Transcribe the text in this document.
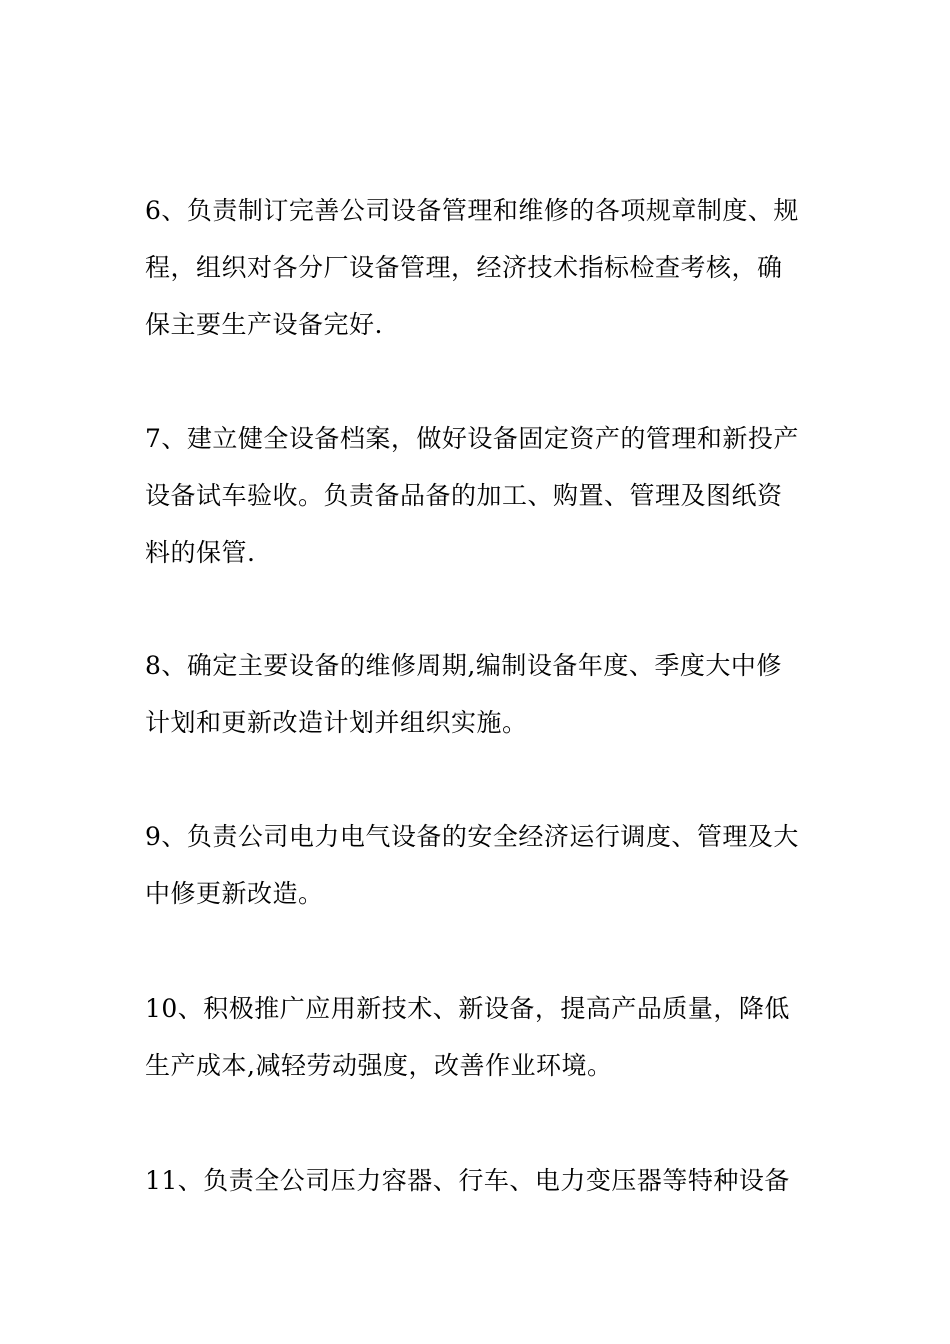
6、负责制订完善公司设备管理和维修的各项规章制度、规
程，组织对各分厂设备管理，经济技术指标检查考核，确
保主要生产设备完好.

7、建立健全设备档案，做好设备固定资产的管理和新投产
设备试车验收。负责备品备的加工、购置、管理及图纸资
料的保管.

8、确定主要设备的维修周期,编制设备年度、季度大中修
计划和更新改造计划并组织实施。

9、负责公司电力电气设备的安全经济运行调度、管理及大
中修更新改造。

10、积极推广应用新技术、新设备，提高产品质量，降低
生产成本,减轻劳动强度，改善作业环境。

11、负责全公司压力容器、行车、电力变压器等特种设备
